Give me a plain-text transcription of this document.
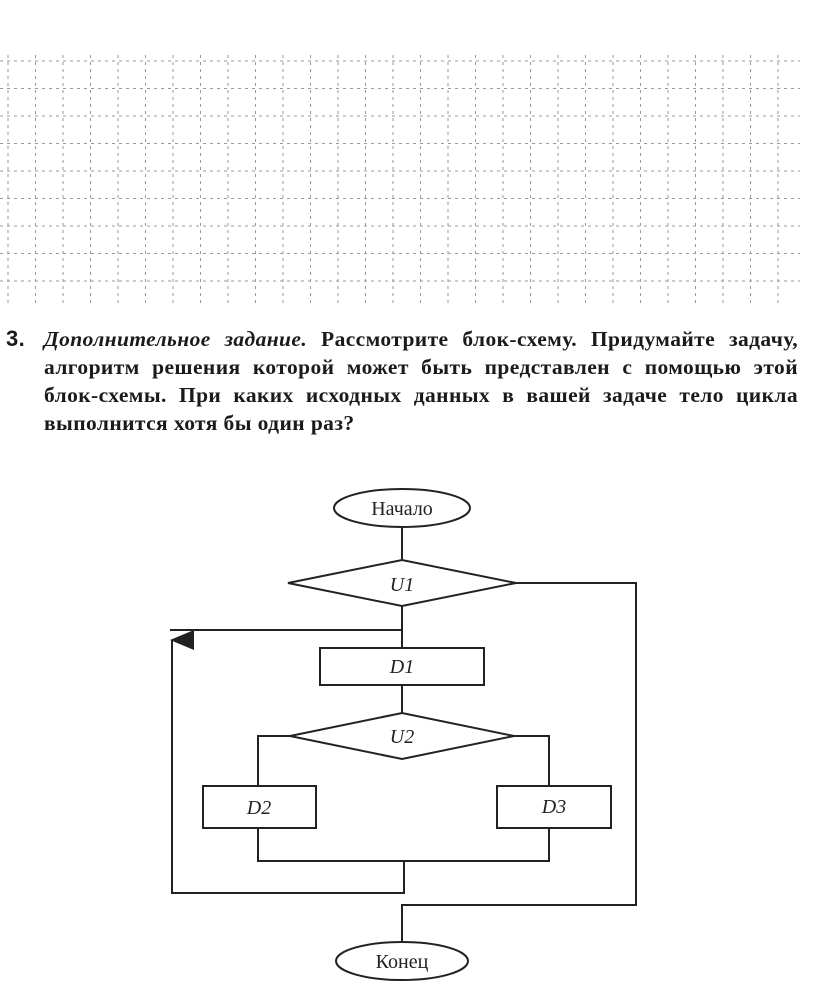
3. Дополнительное задание. Рассмотрите блок-схему. Придумайте задачу, алгоритм решения которой может быть представлен с помощью этой блок-схемы. При каких исходных данных в вашей задаче тело цикла выполнится хотя бы один раз?
Начало
U1
D1
U2
D2	D3
Конец
